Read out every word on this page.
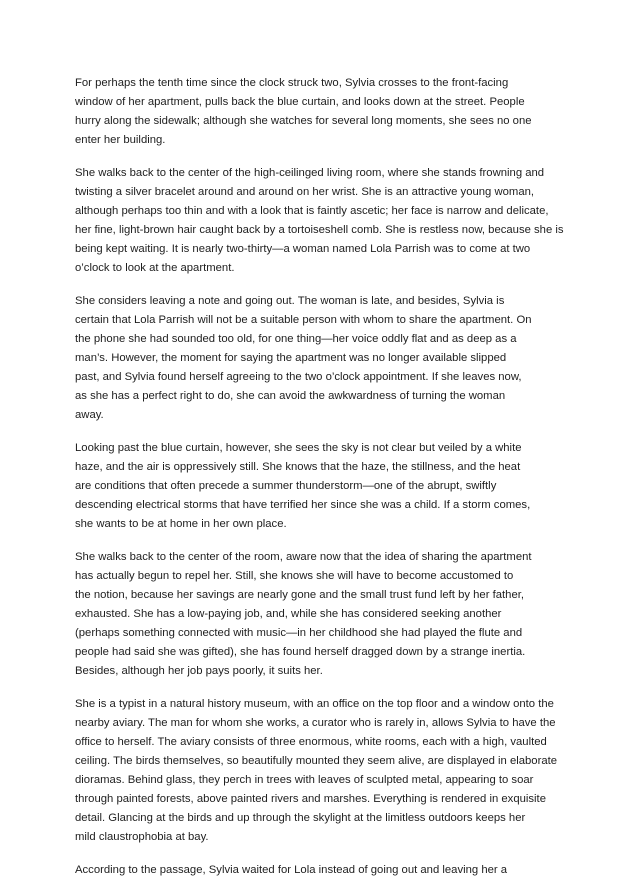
For perhaps the tenth time since the clock struck two, Sylvia crosses to the front-facing
window of her apartment, pulls back the blue curtain, and looks down at the street. People
hurry along the sidewalk; although she watches for several long moments, she sees no one
enter her building.

She walks back to the center of the high-ceilinged living room, where she stands frowning and
twisting a silver bracelet around and around on her wrist. She is an attractive young woman,
although perhaps too thin and with a look that is faintly ascetic; her face is narrow and delicate,
her fine, light-brown hair caught back by a tortoiseshell comb. She is restless now, because she is
being kept waiting. It is nearly two-thirty—a woman named Lola Parrish was to come at two
o’clock to look at the apartment.

She considers leaving a note and going out. The woman is late, and besides, Sylvia is
certain that Lola Parrish will not be a suitable person with whom to share the apartment. On
the phone she had sounded too old, for one thing—her voice oddly flat and as deep as a
man’s. However, the moment for saying the apartment was no longer available slipped
past, and Sylvia found herself agreeing to the two o’clock appointment. If she leaves now,
as she has a perfect right to do, she can avoid the awkwardness of turning the woman
away.

Looking past the blue curtain, however, she sees the sky is not clear but veiled by a white
haze, and the air is oppressively still. She knows that the haze, the stillness, and the heat
are conditions that often precede a summer thunderstorm—one of the abrupt, swiftly
descending electrical storms that have terrified her since she was a child. If a storm comes,
she wants to be at home in her own place.

She walks back to the center of the room, aware now that the idea of sharing the apartment
has actually begun to repel her. Still, she knows she will have to become accustomed to
the notion, because her savings are nearly gone and the small trust fund left by her father,
exhausted. She has a low-paying job, and, while she has considered seeking another
(perhaps something connected with music—in her childhood she had played the flute and
people had said she was gifted), she has found herself dragged down by a strange inertia.
Besides, although her job pays poorly, it suits her.

She is a typist in a natural history museum, with an office on the top floor and a window onto the
nearby aviary. The man for whom she works, a curator who is rarely in, allows Sylvia to have the
office to herself. The aviary consists of three enormous, white rooms, each with a high, vaulted
ceiling. The birds themselves, so beautifully mounted they seem alive, are displayed in elaborate
dioramas. Behind glass, they perch in trees with leaves of sculpted metal, appearing to soar
through painted forests, above painted rivers and marshes. Everything is rendered in exquisite
detail. Glancing at the birds and up through the skylight at the limitless outdoors keeps her
mild claustrophobia at bay.

According to the passage, Sylvia waited for Lola instead of going out and leaving her a
